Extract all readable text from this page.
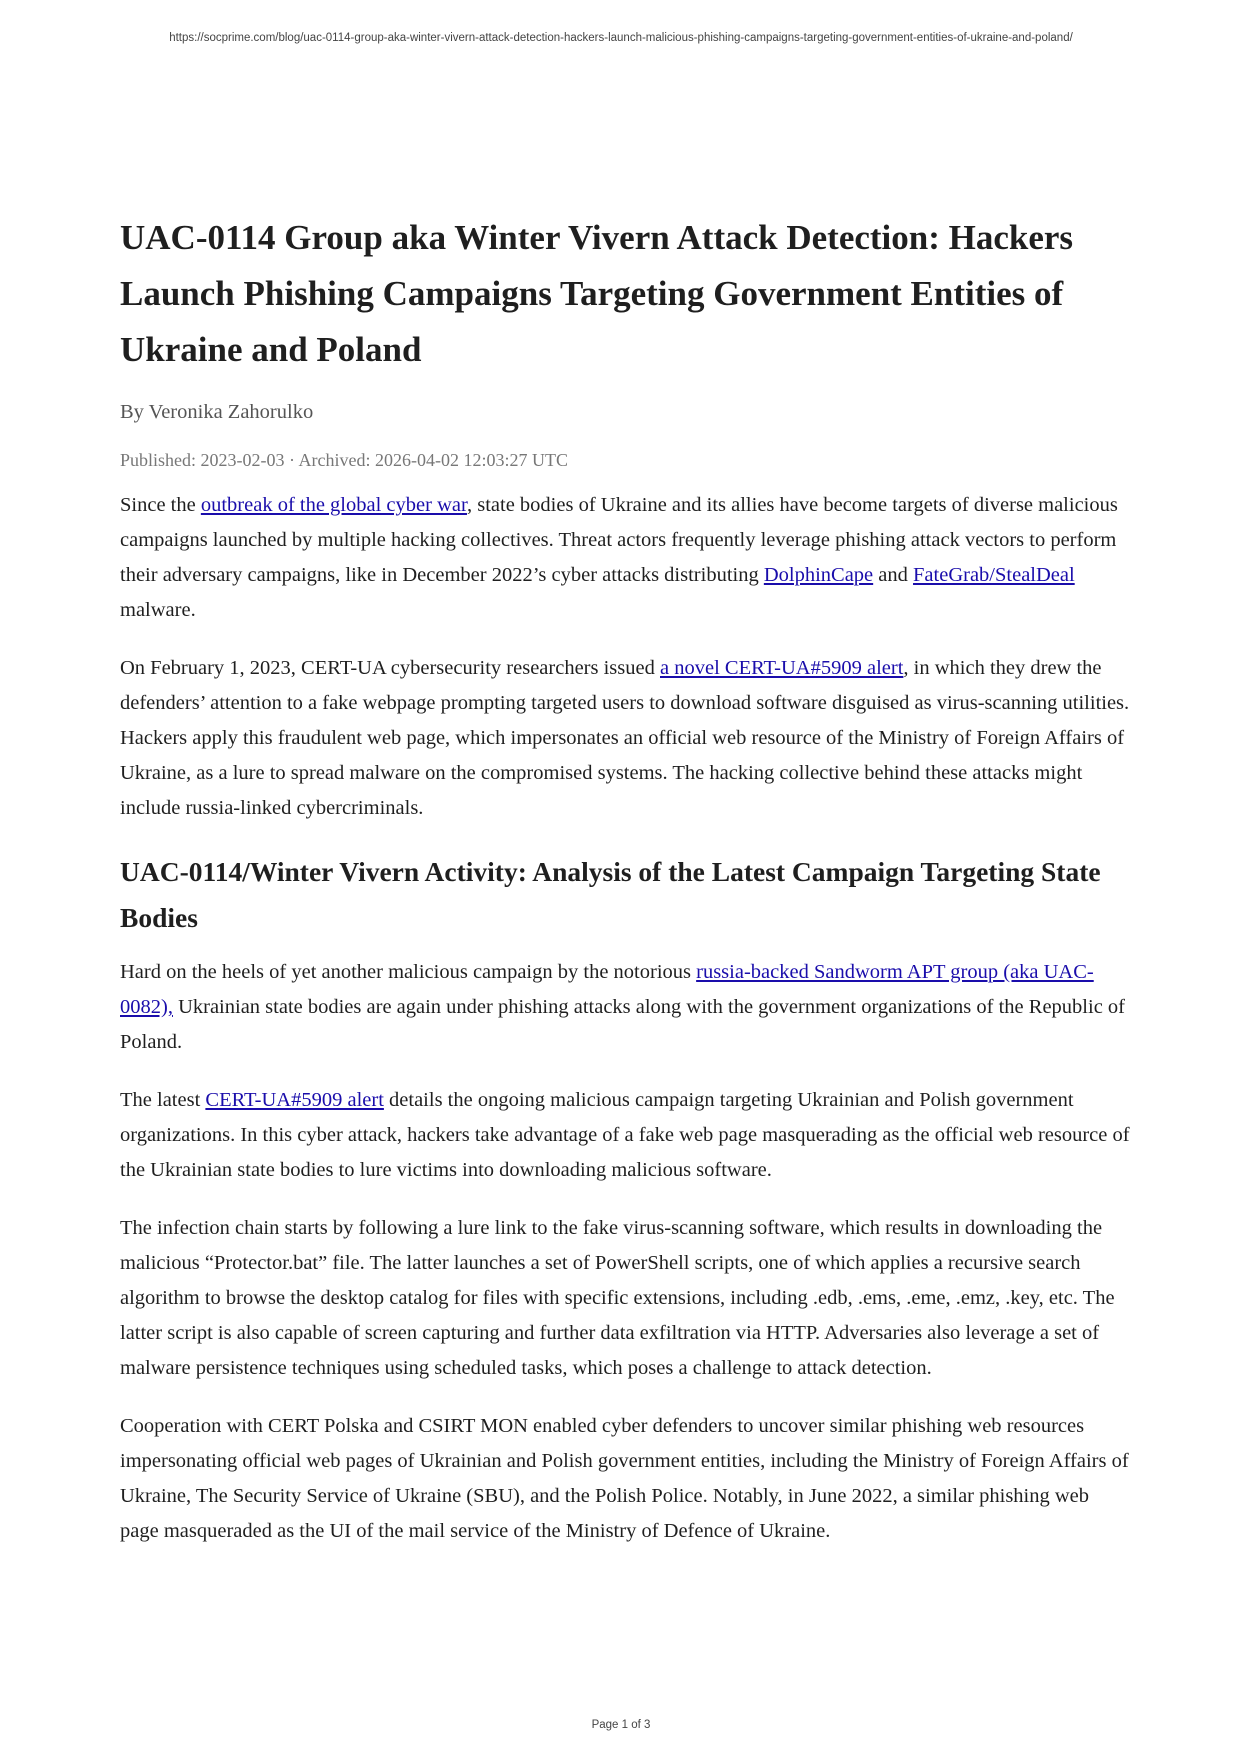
https://socprime.com/blog/uac-0114-group-aka-winter-vivern-attack-detection-hackers-launch-malicious-phishing-campaigns-targeting-government-entities-of-ukraine-and-poland/
UAC-0114 Group aka Winter Vivern Attack Detection: Hackers Launch Phishing Campaigns Targeting Government Entities of Ukraine and Poland
By Veronika Zahorulko
Published: 2023-02-03 · Archived: 2026-04-02 12:03:27 UTC

Since the outbreak of the global cyber war, state bodies of Ukraine and its allies have become targets of diverse malicious campaigns launched by multiple hacking collectives. Threat actors frequently leverage phishing attack vectors to perform their adversary campaigns, like in December 2022’s cyber attacks distributing DolphinCape and FateGrab/StealDeal malware.

On February 1, 2023, CERT-UA cybersecurity researchers issued a novel CERT-UA#5909 alert, in which they drew the defenders’ attention to a fake webpage prompting targeted users to download software disguised as virus-scanning utilities. Hackers apply this fraudulent web page, which impersonates an official web resource of the Ministry of Foreign Affairs of Ukraine, as a lure to spread malware on the compromised systems. The hacking collective behind these attacks might include russia-linked cybercriminals.

UAC-0114/Winter Vivern Activity: Analysis of the Latest Campaign Targeting State Bodies

Hard on the heels of yet another malicious campaign by the notorious russia-backed Sandworm APT group (aka UAC-0082), Ukrainian state bodies are again under phishing attacks along with the government organizations of the Republic of Poland.

The latest CERT-UA#5909 alert details the ongoing malicious campaign targeting Ukrainian and Polish government organizations. In this cyber attack, hackers take advantage of a fake web page masquerading as the official web resource of the Ukrainian state bodies to lure victims into downloading malicious software.

The infection chain starts by following a lure link to the fake virus-scanning software, which results in downloading the malicious “Protector.bat” file. The latter launches a set of PowerShell scripts, one of which applies a recursive search algorithm to browse the desktop catalog for files with specific extensions, including .edb, .ems, .eme, .emz, .key, etc. The latter script is also capable of screen capturing and further data exfiltration via HTTP. Adversaries also leverage a set of malware persistence techniques using scheduled tasks, which poses a challenge to attack detection.

Cooperation with CERT Polska and CSIRT MON enabled cyber defenders to uncover similar phishing web resources impersonating official web pages of Ukrainian and Polish government entities, including the Ministry of Foreign Affairs of Ukraine, The Security Service of Ukraine (SBU), and the Polish Police. Notably, in June 2022, a similar phishing web page masqueraded as the UI of the mail service of the Ministry of Defence of Ukraine.

Page 1 of 3
